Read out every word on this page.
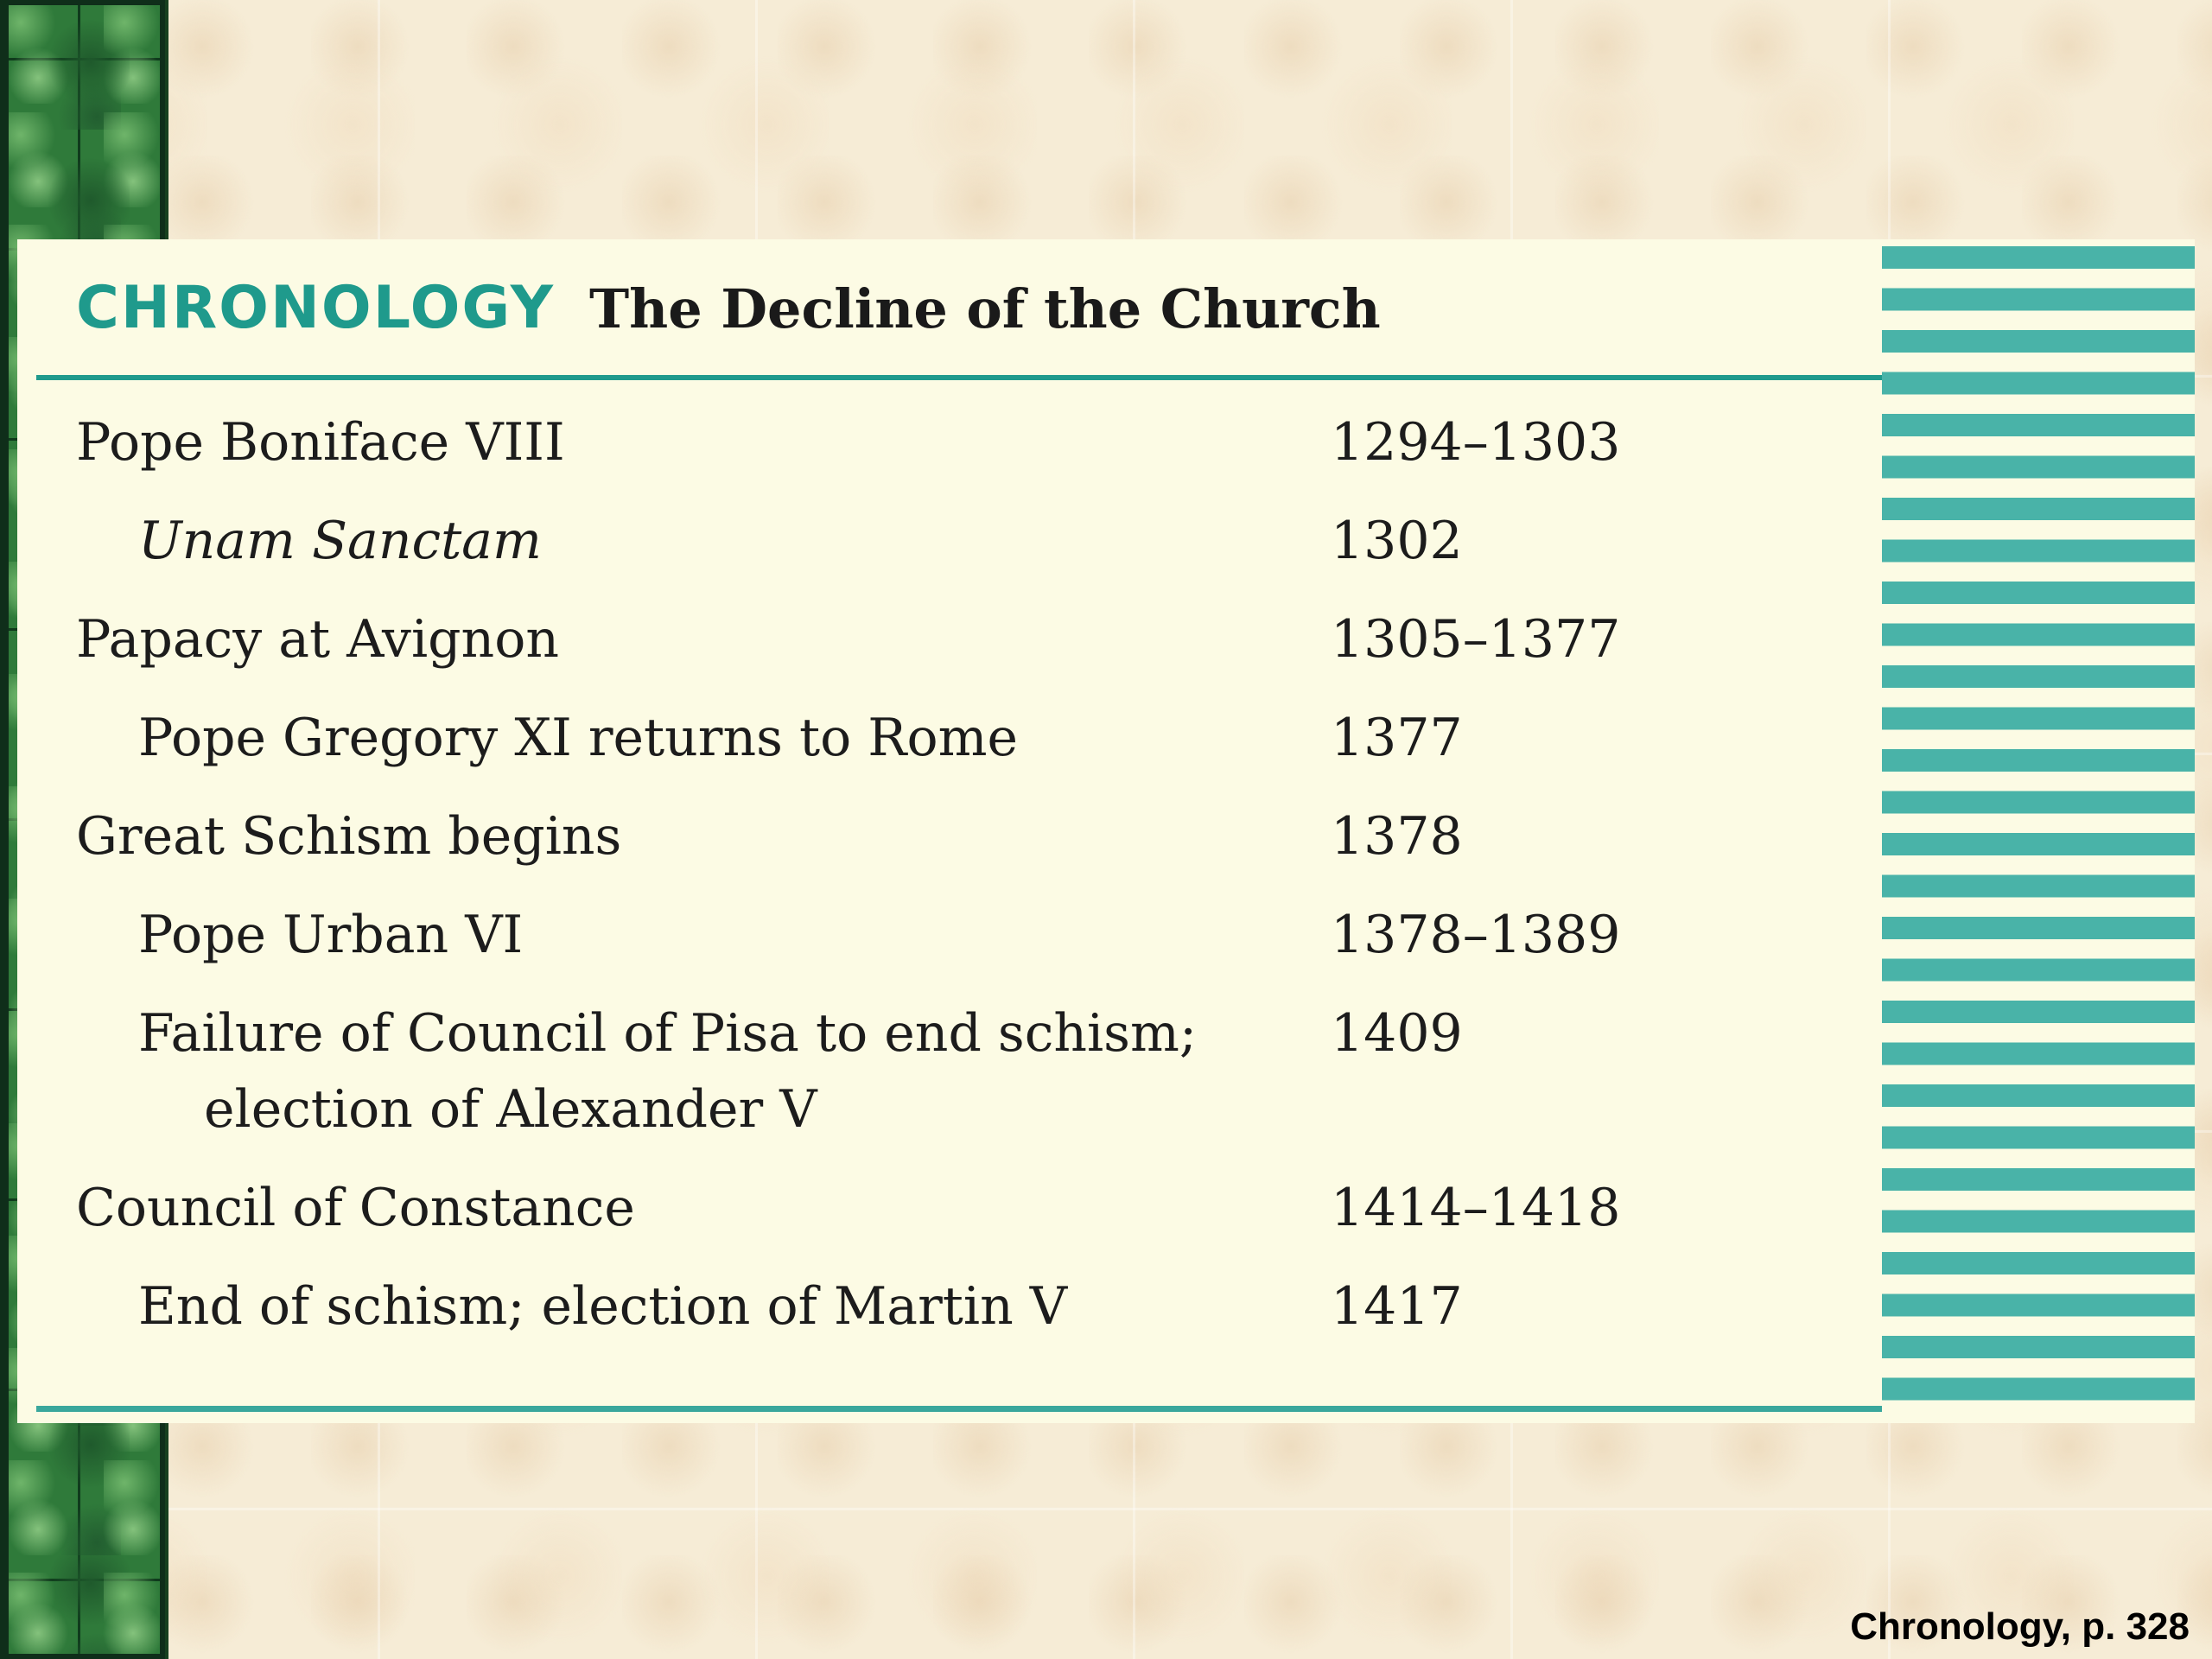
CHRONOLOGY The Decline of the Church
Pope Boniface VIII	1294–1303
Unam Sanctam	1302
Papacy at Avignon	1305–1377
Pope Gregory XI returns to Rome	1377
Great Schism begins	1378
Pope Urban VI	1378–1389
Failure of Council of Pisa to end schism;
election of Alexander V
1409
Council of Constance	1414–1418
End of schism; election of Martin V	1417
Chronology, p. 328
